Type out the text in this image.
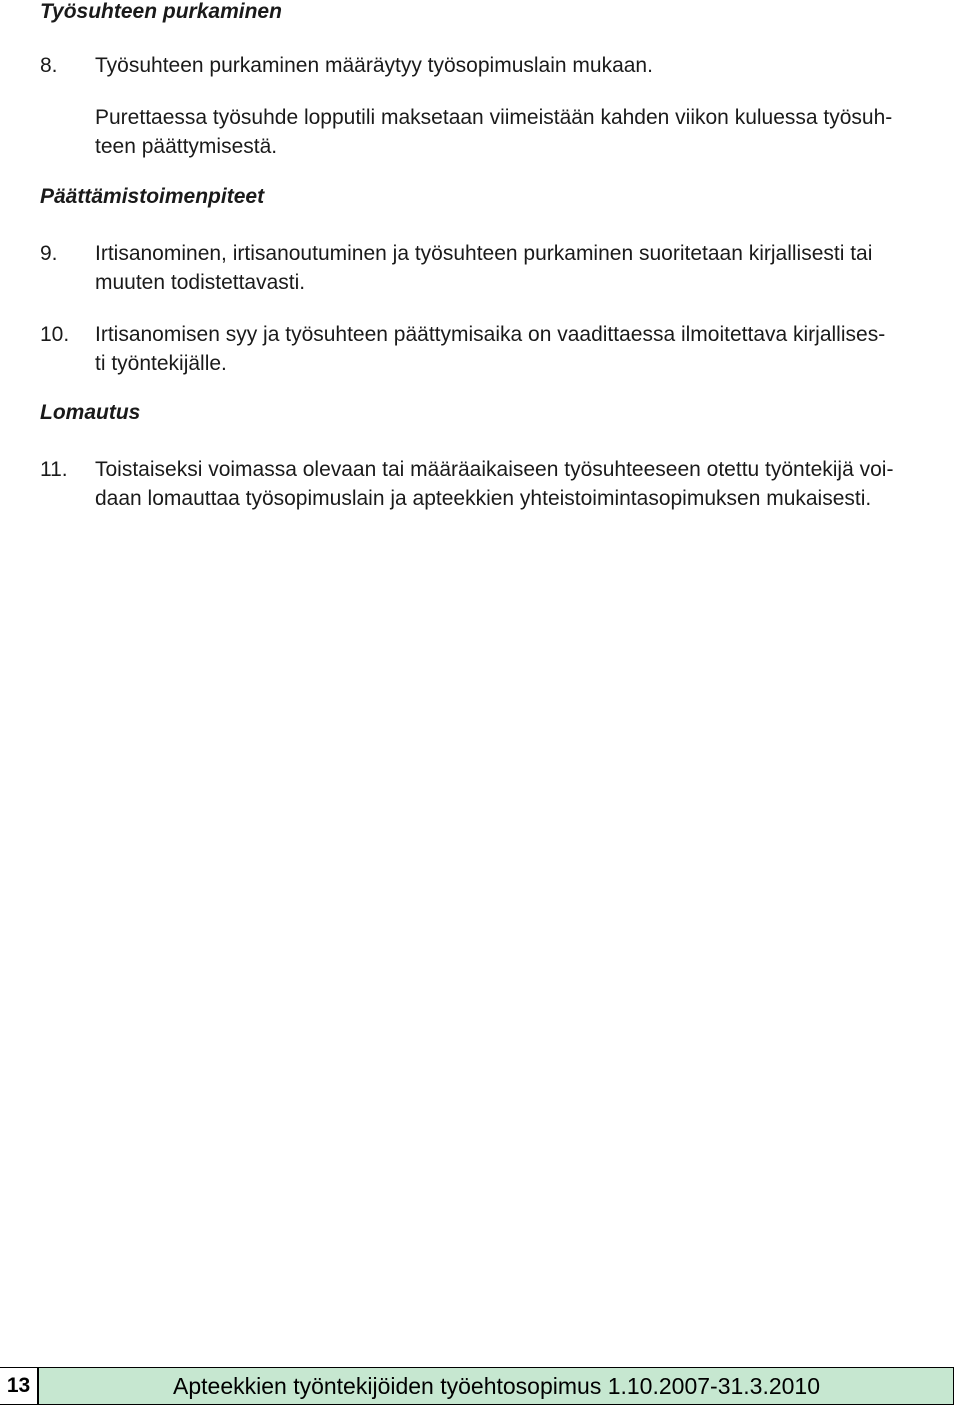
Työsuhteen purkaminen
8.	Työsuhteen purkaminen määräytyy työsopimuslain mukaan.
Purettaessa työsuhde lopputili maksetaan viimeistään kahden viikon kuluessa työsuh-
teen päättymisestä.
Päättämistoimenpiteet
9.	Irtisanominen, irtisanoutuminen ja työsuhteen purkaminen suoritetaan kirjallisesti tai
muuten todistettavasti.
10.	Irtisanomisen syy ja työsuhteen päättymisaika on vaadittaessa ilmoitettava kirjallises-
ti työntekijälle.
Lomautus
11.	Toistaiseksi voimassa olevaan tai määräaikaiseen työsuhteeseen otettu työntekijä voi-
daan lomauttaa työsopimuslain ja apteekkien yhteistoimintasopimuksen mukaisesti.
13	Apteekkien työntekijöiden työehtosopimus 1.10.2007-31.3.2010
